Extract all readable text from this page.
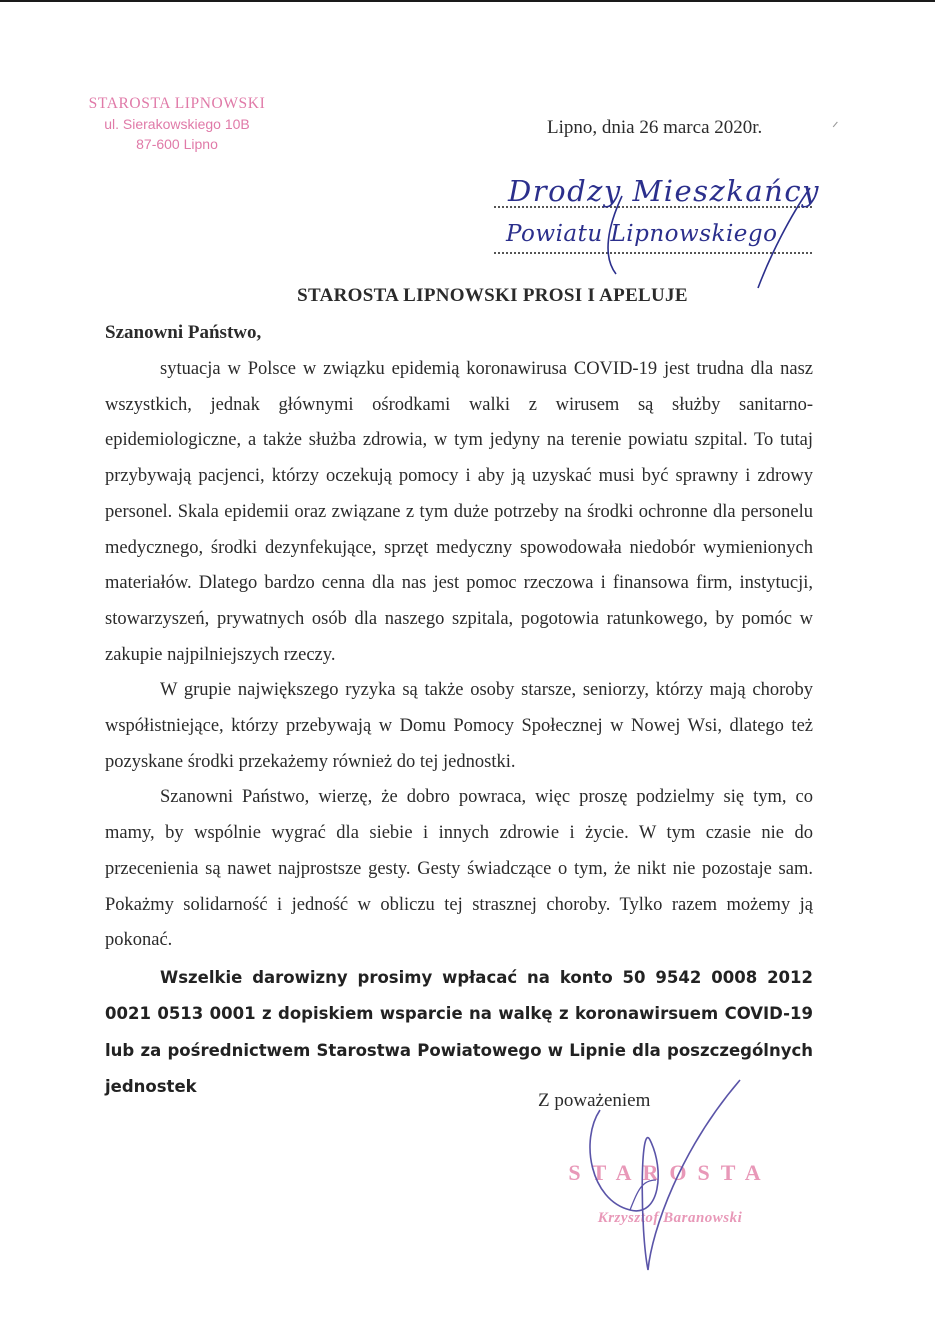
STAROSTA LIPNOWSKI
ul. Sierakowskiego 10B
87-600 Lipno
Lipno, dnia 26 marca 2020r.	ᐟ
Drodzy Mieszkańcy
Powiatu Lipnowskiego
STAROSTA LIPNOWSKI PROSI I APELUJE
Szanowni Państwo,

sytuacja w Polsce w związku epidemią koronawirusa COVID-19 jest trudna dla nasz wszystkich, jednak głównymi ośrodkami walki z wirusem są służby sanitarno-epidemiologiczne, a także służba zdrowia, w tym jedyny na terenie powiatu szpital. To tutaj przybywają pacjenci, którzy oczekują pomocy i aby ją uzyskać musi być sprawny i zdrowy personel. Skala epidemii oraz związane z tym duże potrzeby na środki ochronne dla personelu medycznego, środki dezynfekujące, sprzęt medyczny spowodowała niedobór wymienionych materiałów. Dlatego bardzo cenna dla nas jest pomoc rzeczowa i finansowa firm, instytucji, stowarzyszeń, prywatnych osób dla naszego szpitala, pogotowia ratunkowego, by pomóc w zakupie najpilniejszych rzeczy.

W grupie największego ryzyka są także osoby starsze, seniorzy, którzy mają choroby współistniejące, którzy przebywają w Domu Pomocy Społecznej w Nowej Wsi, dlatego też pozyskane środki przekażemy również do tej jednostki.

Szanowni Państwo, wierzę, że dobro powraca, więc proszę podzielmy się tym, co mamy, by wspólnie wygrać dla siebie i innych zdrowie i życie. W tym czasie nie do przecenienia są nawet najprostsze gesty. Gesty świadczące o tym, że nikt nie pozostaje sam. Pokażmy solidarność i jedność w obliczu tej strasznej choroby. Tylko razem możemy ją pokonać.

Wszelkie darowizny prosimy wpłacać na konto 50 9542 0008 2012 0021 0513 0001 z dopiskiem wsparcie na walkę z koronawirsuem COVID-19 lub za pośrednictwem Starostwa Powiatowego w Lipnie dla poszczególnych jednostek

Z poważeniem
STAROSTA
Krzysztof Baranowski
